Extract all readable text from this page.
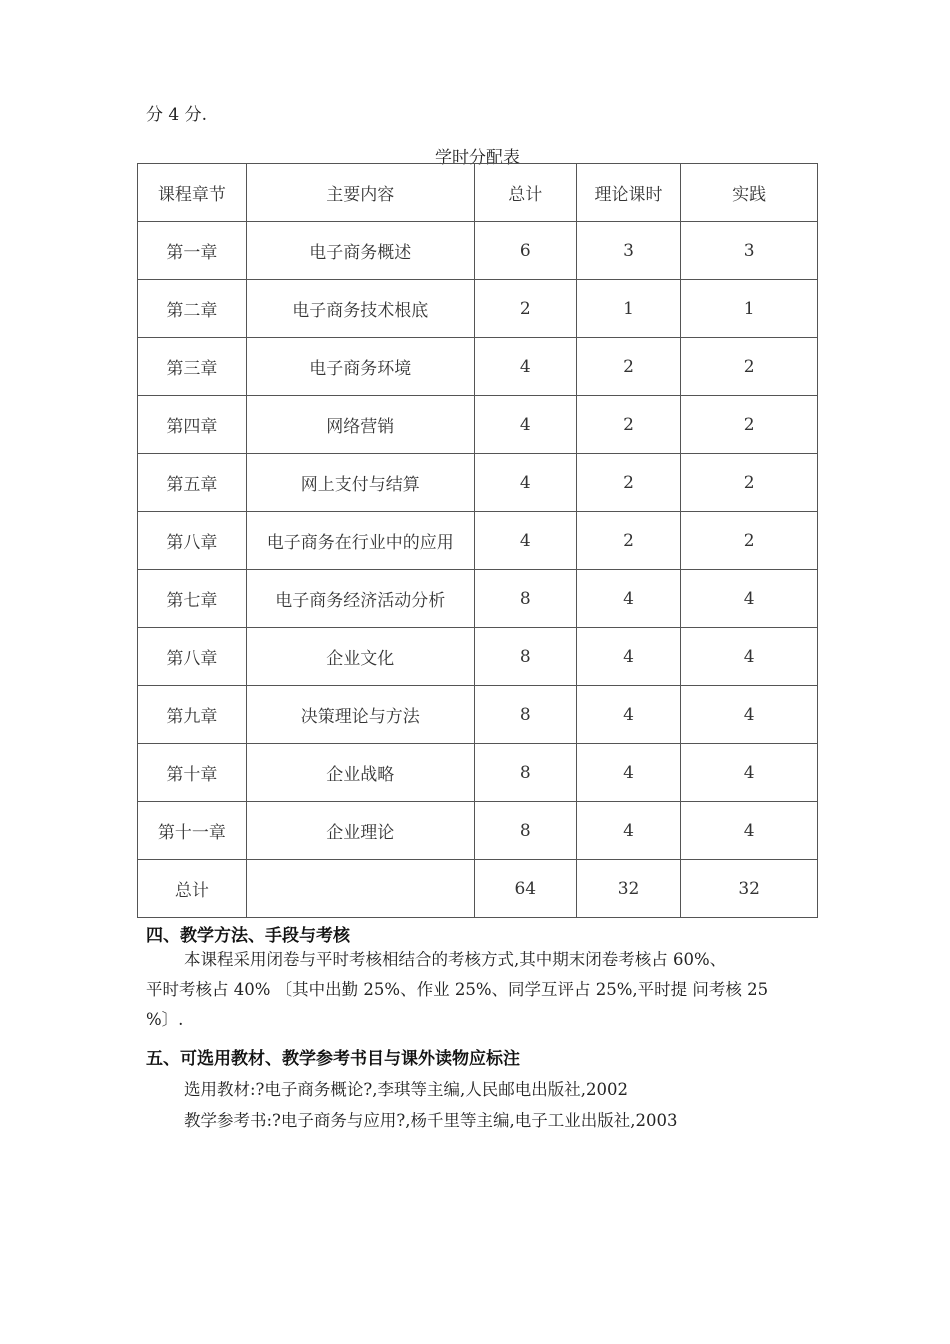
分 4 分.
学时分配表
课程章节	主要内容	总计	理论课时	实践
第一章	电子商务概述	6	3	3
第二章	电子商务技术根底	2	1	1
第三章	电子商务环境	4	2	2
第四章	网络营销	4	2	2
第五章	网上支付与结算	4	2	2
第八章	电子商务在行业中的应用	4	2	2
第七章	电子商务经济活动分析	8	4	4
第八章	企业文化	8	4	4
第九章	决策理论与方法	8	4	4
第十章	企业战略	8	4	4
第十一章	企业理论	8	4	4
总计		64	32	32
四、教学方法、手段与考核
本课程采用闭卷与平时考核相结合的考核方式,其中期末闭卷考核占 60%、
平时考核占 40% 〔其中出勤 25%、作业 25%、同学互评占 25%,平时提 问考核 25
%〕.
五、可选用教材、教学参考书目与课外读物应标注
选用教材:?电子商务概论?,李琪等主编,人民邮电出版社,2002
教学参考书:?电子商务与应用?,杨千里等主编,电子工业出版社,2003
